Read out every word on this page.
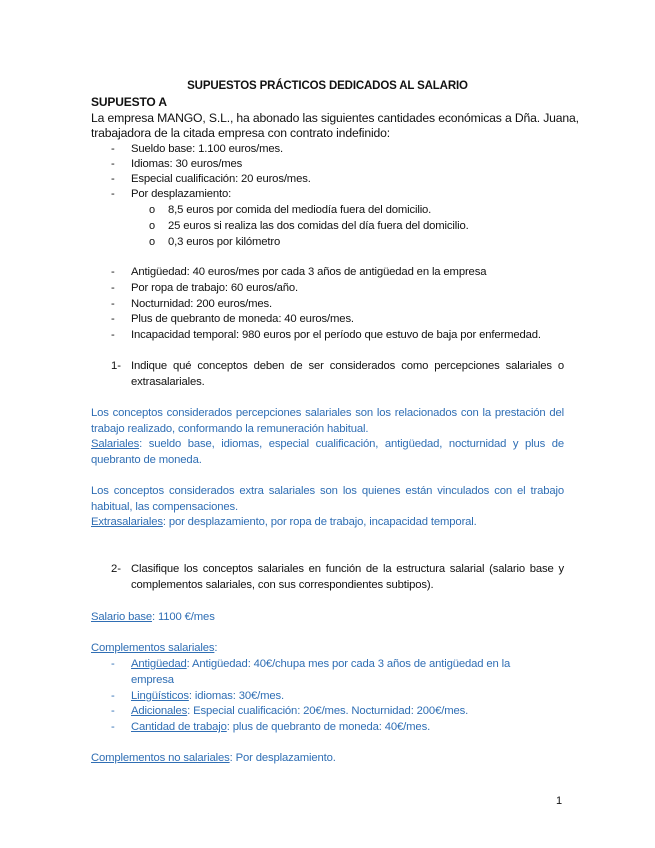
SUPUESTOS PRÁCTICOS DEDICADOS AL SALARIO
SUPUESTO A
La empresa MANGO, S.L., ha abonado las siguientes cantidades económicas a Dña. Juana,
trabajadora de la citada empresa con contrato indefinido:
- Sueldo base: 1.100 euros/mes.
- Idiomas: 30 euros/mes
- Especial cualificación: 20 euros/mes.
- Por desplazamiento:
o 8,5 euros por comida del mediodía fuera del domicilio.
o 25 euros si realiza las dos comidas del día fuera del domicilio.
o 0,3 euros por kilómetro
- Antigüedad: 40 euros/mes por cada 3 años de antigüedad en la empresa
- Por ropa de trabajo: 60 euros/año.
- Nocturnidad: 200 euros/mes.
- Plus de quebranto de moneda: 40 euros/mes.
- Incapacidad temporal: 980 euros por el período que estuvo de baja por enfermedad.
1- Indique qué conceptos deben de ser considerados como percepciones salariales o extrasalariales.
Los conceptos considerados percepciones salariales son los relacionados con la prestación del trabajo realizado, conformando la remuneración habitual.
Salariales: sueldo base, idiomas, especial cualificación, antigüedad, nocturnidad y plus de quebranto de moneda.
Los conceptos considerados extra salariales son los quienes están vinculados con el trabajo habitual, las compensaciones.
Extrasalariales: por desplazamiento, por ropa de trabajo, incapacidad temporal.
2- Clasifique los conceptos salariales en función de la estructura salarial (salario base y complementos salariales, con sus correspondientes subtipos).
Salario base: 1100 €/mes
Complementos salariales:
- Antigüedad: Antigüedad: 40€/chupa mes por cada 3 años de antigüedad en la
empresa
- Lingüísticos: idiomas: 30€/mes.
- Adicionales: Especial cualificación: 20€/mes. Nocturnidad: 200€/mes.
- Cantidad de trabajo: plus de quebranto de moneda: 40€/mes.
Complementos no salariales: Por desplazamiento.
1
